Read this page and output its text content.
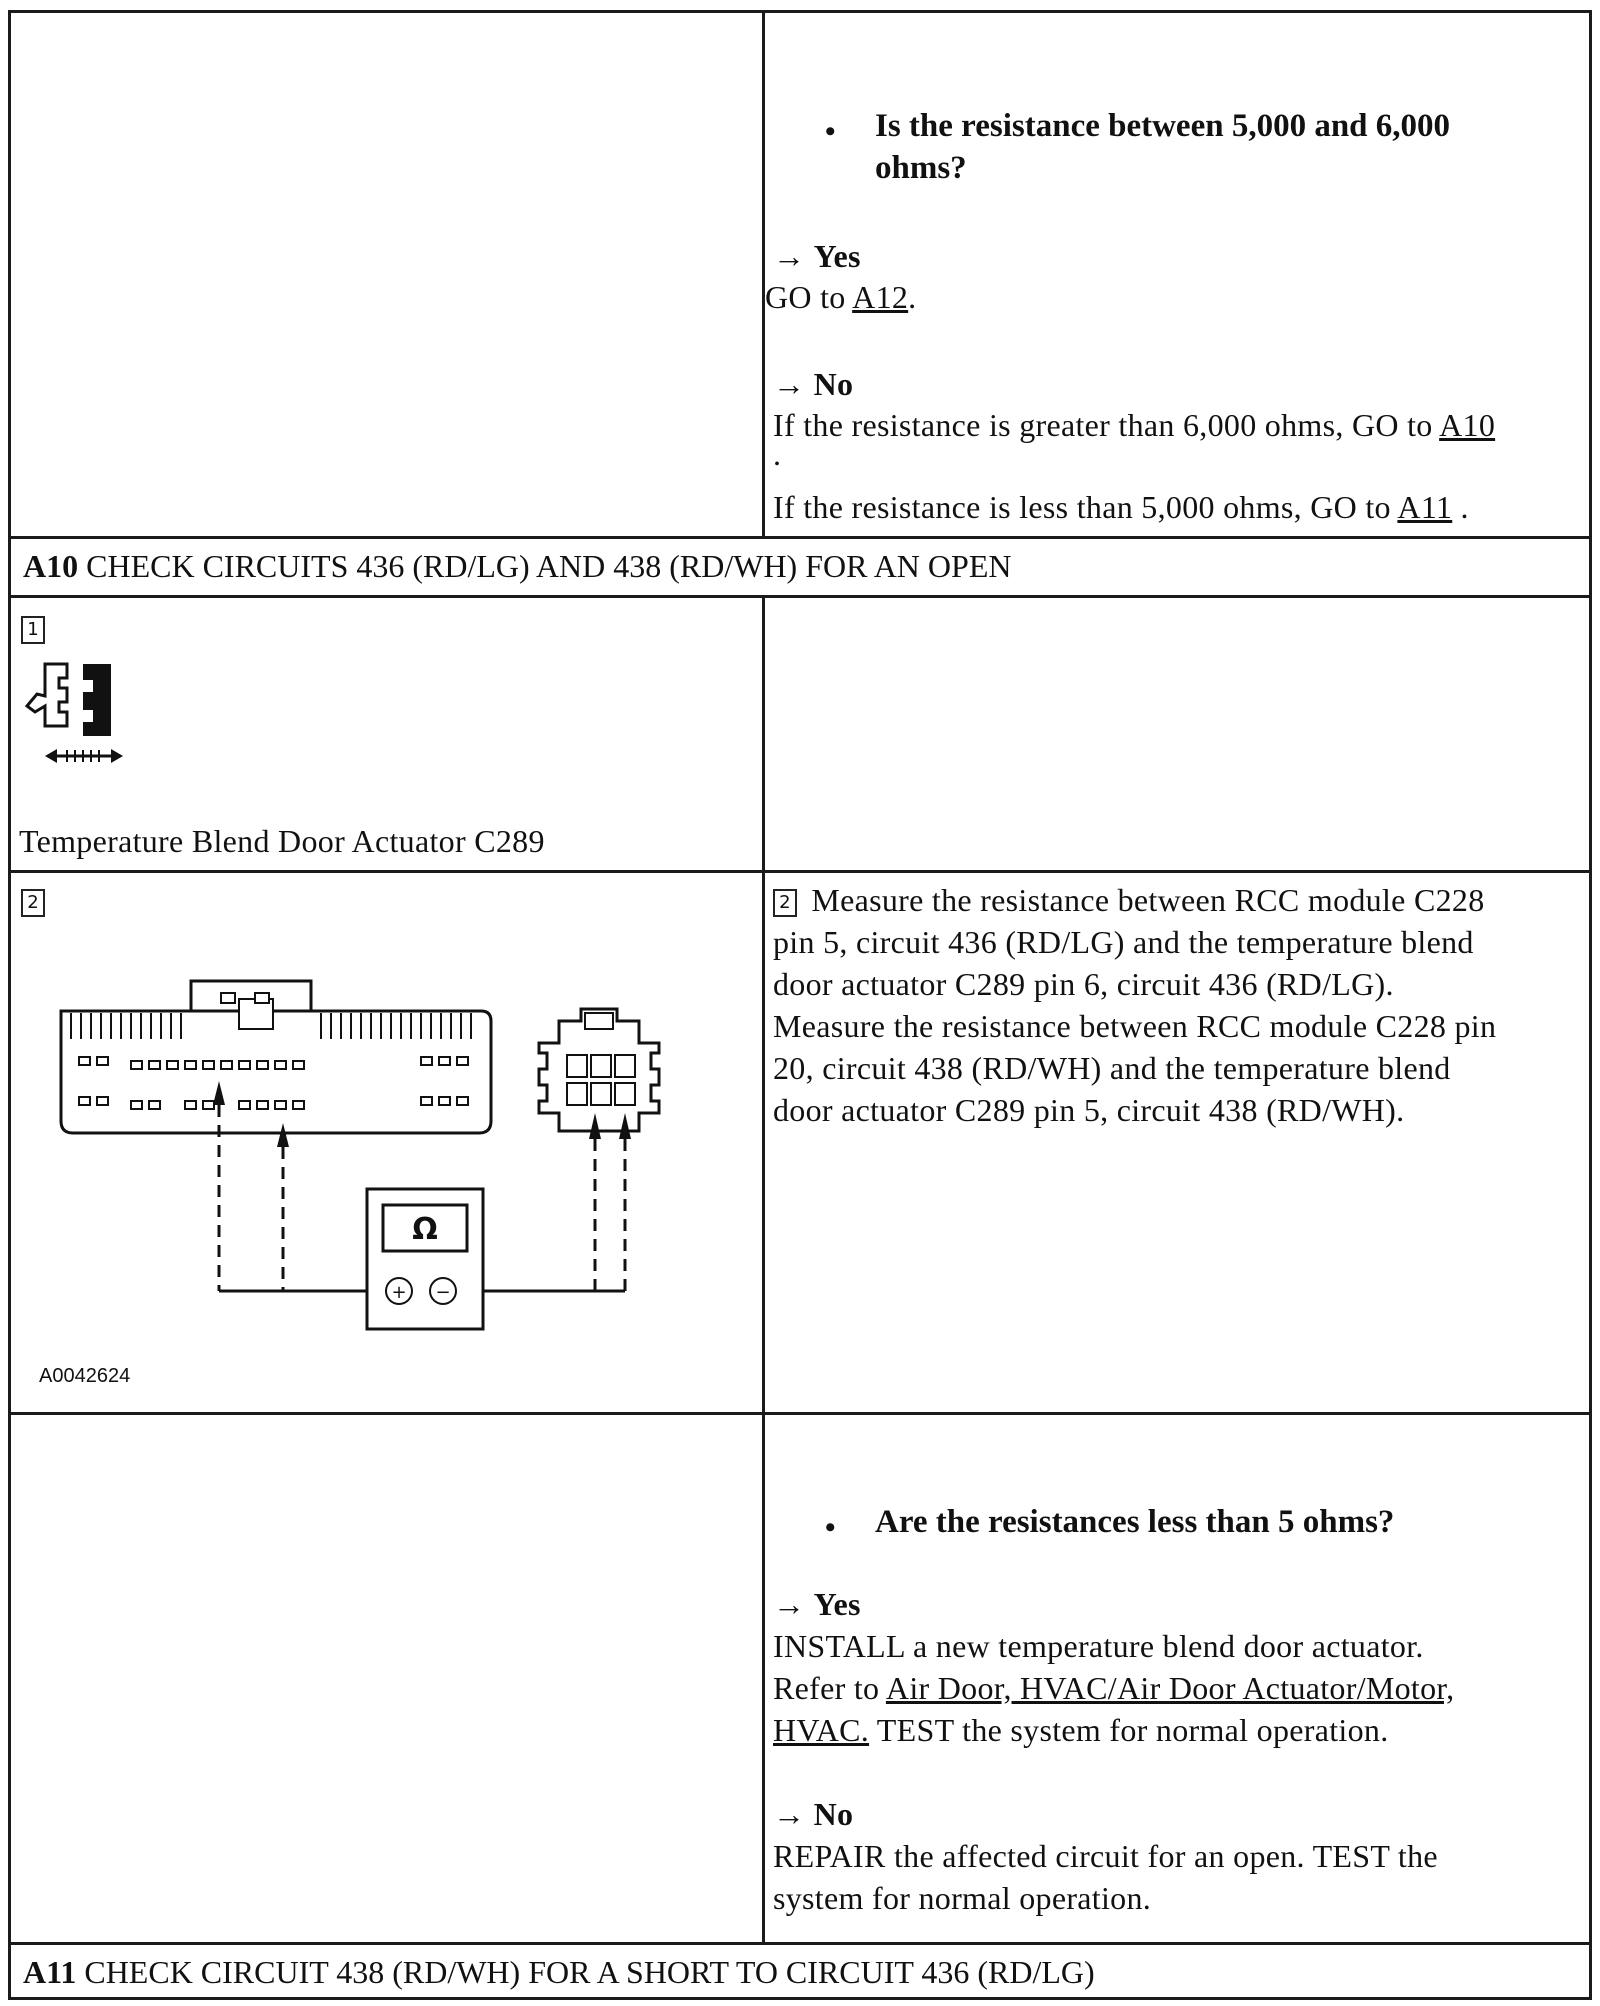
• Is the resistance between 5,000 and 6,000
ohms?
→ Yes
GO to A12.
→ No
If the resistance is greater than 6,000 ohms, GO to A10
.
If the resistance is less than 5,000 ohms, GO to A11 .
A10 CHECK CIRCUITS 436 (RD/LG) AND 438 (RD/WH) FOR AN OPEN
1
Temperature Blend Door Actuator C289
2
Ω
+ −
A0042624
2 Measure the resistance between RCC module C228
pin 5, circuit 436 (RD/LG) and the temperature blend
door actuator C289 pin 6, circuit 436 (RD/LG).
Measure the resistance between RCC module C228 pin
20, circuit 438 (RD/WH) and the temperature blend
door actuator C289 pin 5, circuit 438 (RD/WH).
• Are the resistances less than 5 ohms?
→ Yes
INSTALL a new temperature blend door actuator.
Refer to Air Door, HVAC/Air Door Actuator/Motor,
HVAC. TEST the system for normal operation.
→ No
REPAIR the affected circuit for an open. TEST the
system for normal operation.
A11 CHECK CIRCUIT 438 (RD/WH) FOR A SHORT TO CIRCUIT 436 (RD/LG)
